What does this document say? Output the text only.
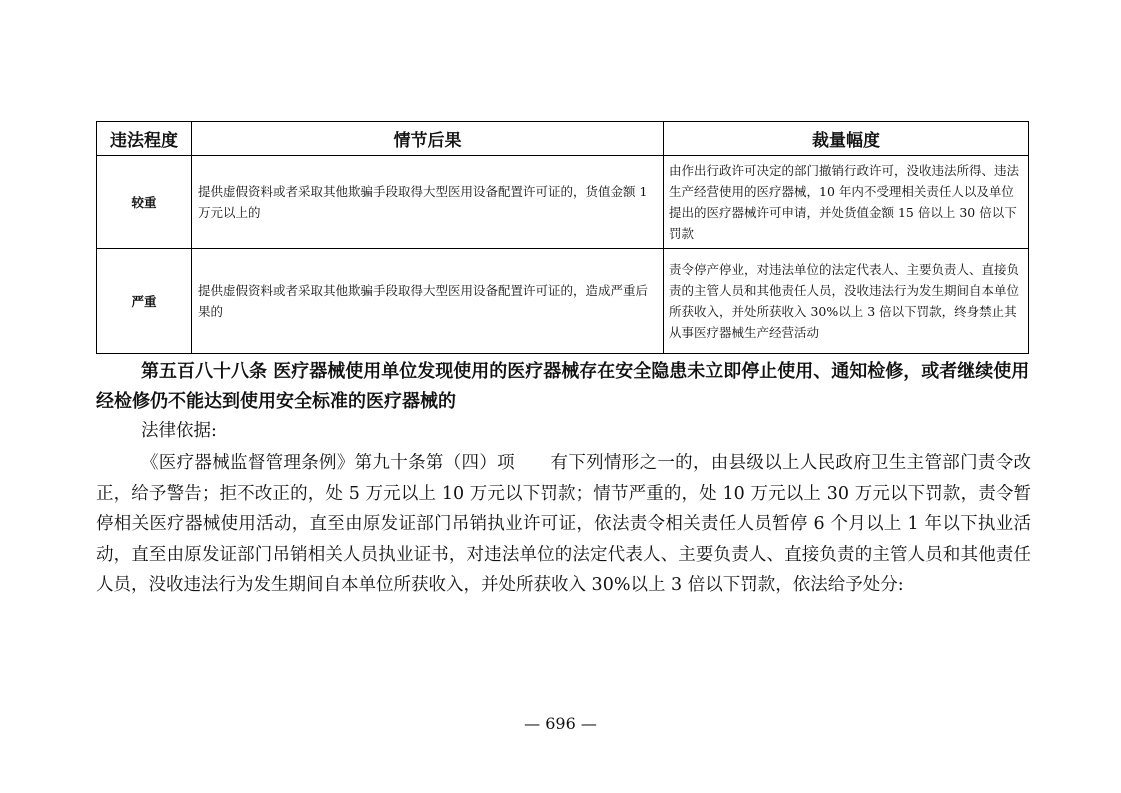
违法程度	情节后果	裁量幅度
较重	提供虚假资料或者采取其他欺骗手段取得大型医用设备配置许可证的，货值金额 1 万元以上的	由作出行政许可决定的部门撤销行政许可，没收违法所得、违法生产经营使用的医疗器械，10 年内不受理相关责任人以及单位提出的医疗器械许可申请，并处货值金额 15 倍以上 30 倍以下罚款
严重	提供虚假资料或者采取其他欺骗手段取得大型医用设备配置许可证的，造成严重后果的	责令停产停业，对违法单位的法定代表人、主要负责人、直接负责的主管人员和其他责任人员，没收违法行为发生期间自本单位所获收入，并处所获收入 30%以上 3 倍以下罚款，终身禁止其从事医疗器械生产经营活动

第五百八十八条 医疗器械使用单位发现使用的医疗器械存在安全隐患未立即停止使用、通知检修，或者继续使用经检修仍不能达到使用安全标准的医疗器械的

法律依据:

《医疗器械监督管理条例》第九十条第（四）项　　有下列情形之一的，由县级以上人民政府卫生主管部门责令改正，给予警告；拒不改正的，处 5 万元以上 10 万元以下罚款；情节严重的，处 10 万元以上 30 万元以下罚款，责令暂停相关医疗器械使用活动，直至由原发证部门吊销执业许可证，依法责令相关责任人员暂停 6 个月以上 1 年以下执业活动，直至由原发证部门吊销相关人员执业证书，对违法单位的法定代表人、主要负责人、直接负责的主管人员和其他责任人员，没收违法行为发生期间自本单位所获收入，并处所获收入 30%以上 3 倍以下罚款，依法给予处分:

— 696 —
